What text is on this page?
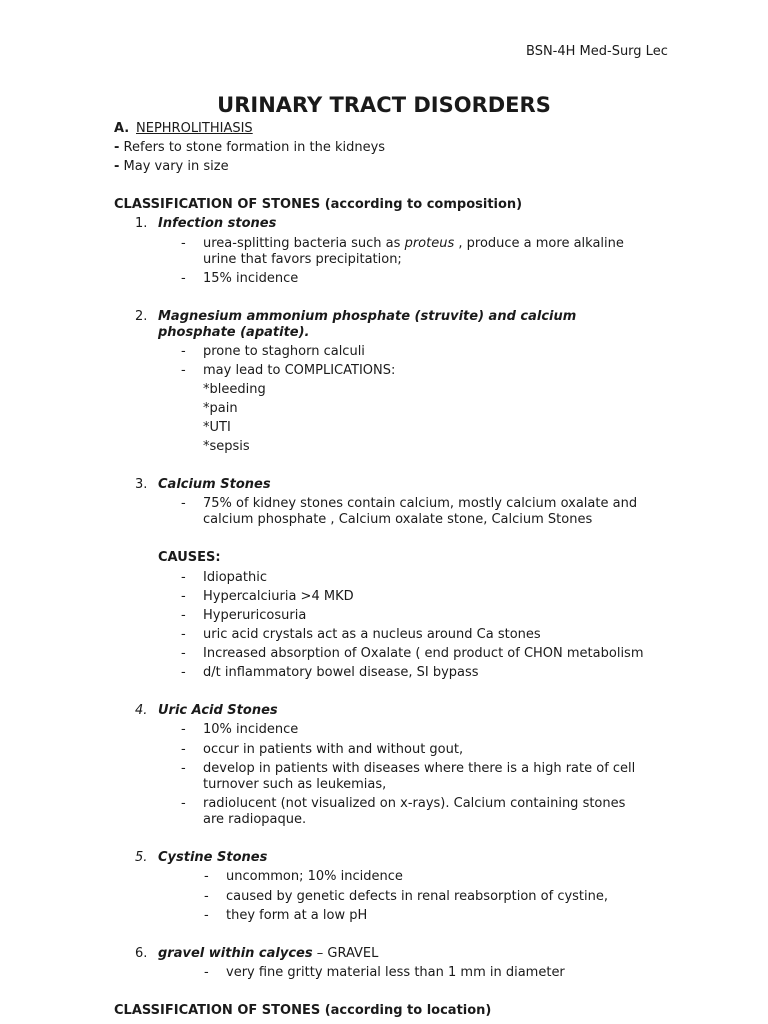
BSN-4H Med-Surg Lec
URINARY TRACT DISORDERS
A. NEPHROLITHIASIS
- Refers to stone formation in the kidneys
- May vary in size
CLASSIFICATION OF STONES (according to composition)
1. Infection stones
- urea-splitting bacteria such as proteus , produce a more alkaline
urine that favors precipitation;
- 15% incidence
2. Magnesium ammonium phosphate (struvite) and calcium
phosphate (apatite).
- prone to staghorn calculi
- may lead to COMPLICATIONS:
*bleeding
*pain
*UTI
*sepsis
3. Calcium Stones
- 75% of kidney stones contain calcium, mostly calcium oxalate and
calcium phosphate , Calcium oxalate stone, Calcium Stones
CAUSES:
- Idiopathic
- Hypercalciuria >4 MKD
- Hyperuricosuria
- uric acid crystals act as a nucleus around Ca stones
- Increased absorption of Oxalate ( end product of CHON metabolism
- d/t inflammatory bowel disease, SI bypass
4. Uric Acid Stones
- 10% incidence
- occur in patients with and without gout,
- develop in patients with diseases where there is a high rate of cell
turnover such as leukemias,
- radiolucent (not visualized on x-rays). Calcium containing stones
are radiopaque.
5. Cystine Stones
- uncommon; 10% incidence
- caused by genetic defects in renal reabsorption of cystine,
- they form at a low pH
6. gravel within calyces – GRAVEL
- very fine gritty material less than 1 mm in diameter
CLASSIFICATION OF STONES (according to location)
